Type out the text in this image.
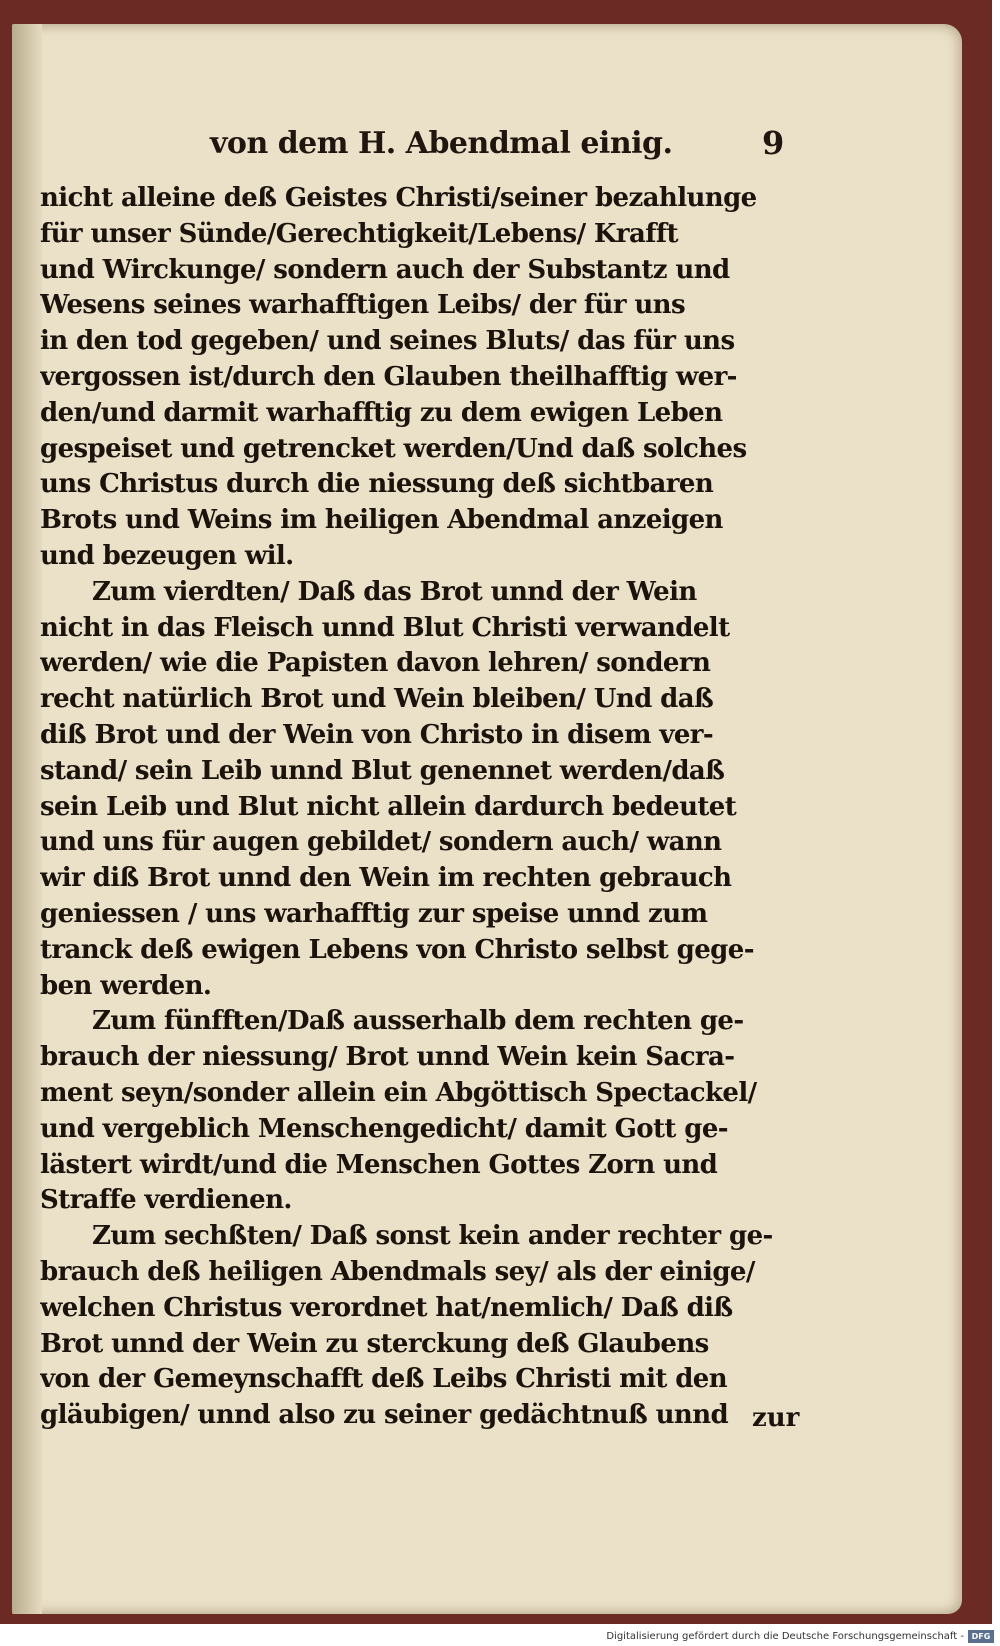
von dem H. Abendmal einig.	9
nicht alleine deß Geistes Christi/seiner bezahlunge
für unser Sünde/Gerechtigkeit/Lebens/ Krafft
und Wirckunge/ sondern auch der Substantz und
Wesens seines warhafftigen Leibs/ der für uns
in den tod gegeben/ und seines Bluts/ das für uns
vergossen ist/durch den Glauben theilhafftig wer-
den/und darmit warhafftig zu dem ewigen Leben
gespeiset und getrencket werden/Und daß solches
uns Christus durch die niessung deß sichtbaren
Brots und Weins im heiligen Abendmal anzeigen
und bezeugen wil.
Zum vierdten/ Daß das Brot unnd der Wein
nicht in das Fleisch unnd Blut Christi verwandelt
werden/ wie die Papisten davon lehren/ sondern
recht natürlich Brot und Wein bleiben/ Und daß
diß Brot und der Wein von Christo in disem ver-
stand/ sein Leib unnd Blut genennet werden/daß
sein Leib und Blut nicht allein dardurch bedeutet
und uns für augen gebildet/ sondern auch/ wann
wir diß Brot unnd den Wein im rechten gebrauch
geniessen / uns warhafftig zur speise unnd zum
tranck deß ewigen Lebens von Christo selbst gege-
ben werden.
Zum fünfften/Daß ausserhalb dem rechten ge-
brauch der niessung/ Brot unnd Wein kein Sacra-
ment seyn/sonder allein ein Abgöttisch Spectackel/
und vergeblich Menschengedicht/ damit Gott ge-
lästert wirdt/und die Menschen Gottes Zorn und
Straffe verdienen.
Zum sechßten/ Daß sonst kein ander rechter ge-
brauch deß heiligen Abendmals sey/ als der einige/
welchen Christus verordnet hat/nemlich/ Daß diß
Brot unnd der Wein zu sterckung deß Glaubens
von der Gemeynschafft deß Leibs Christi mit den
gläubigen/ unnd also zu seiner gedächtnuß unnd zur
Digitalisierung gefördert durch die Deutsche Forschungsgemeinschaft - DFG
